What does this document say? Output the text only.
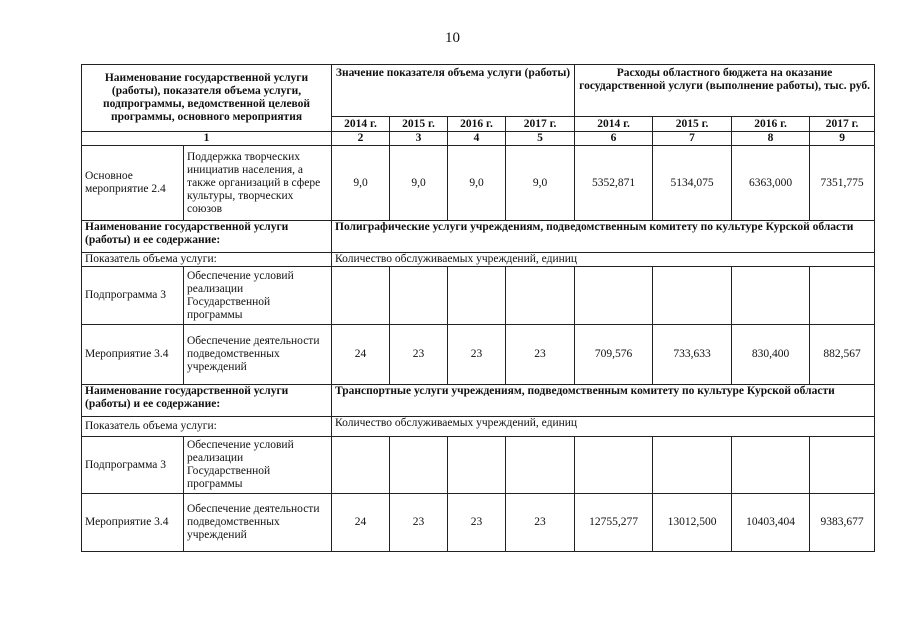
10
Наименование государственной услуги (работы), показателя объема услуги, подпрограммы, ведомственной целевой программы, основного мероприятия		Значение показателя объема услуги (работы)				Расходы областного бюджета на оказание государственной услуги (выполнение работы), тыс. руб.			
		2014 г.	2015 г.	2016 г.	2017 г.	2014 г.	2015 г.	2016 г.	2017 г.
1		2	3	4	5	6	7	8	9
Основное мероприятие 2.4	Поддержка творческих инициатив населения, а также организаций в сфере культуры, творческих союзов	9,0	9,0	9,0	9,0	5352,871	5134,075	6363,000	7351,775
Наименование государственной услуги (работы) и ее содержание:		Полиграфические услуги учреждениям, подведомственным комитету по культуре Курской области							
Показатель объема услуги:		Количество обслуживаемых учреждений, единиц							
Подпрограмма 3	Обеспечение условий реализации Государственной программы								
Мероприятие 3.4	Обеспечение деятельности подведомственных учреждений	24	23	23	23	709,576	733,633	830,400	882,567
Наименование государственной услуги (работы) и ее содержание:		Транспортные услуги учреждениям, подведомственным комитету по культуре Курской области							
Показатель объема услуги:		Количество обслуживаемых учреждений, единиц							
Подпрограмма 3	Обеспечение условий реализации Государственной программы								
Мероприятие 3.4	Обеспечение деятельности подведомственных учреждений	24	23	23	23	12755,277	13012,500	10403,404	9383,677
